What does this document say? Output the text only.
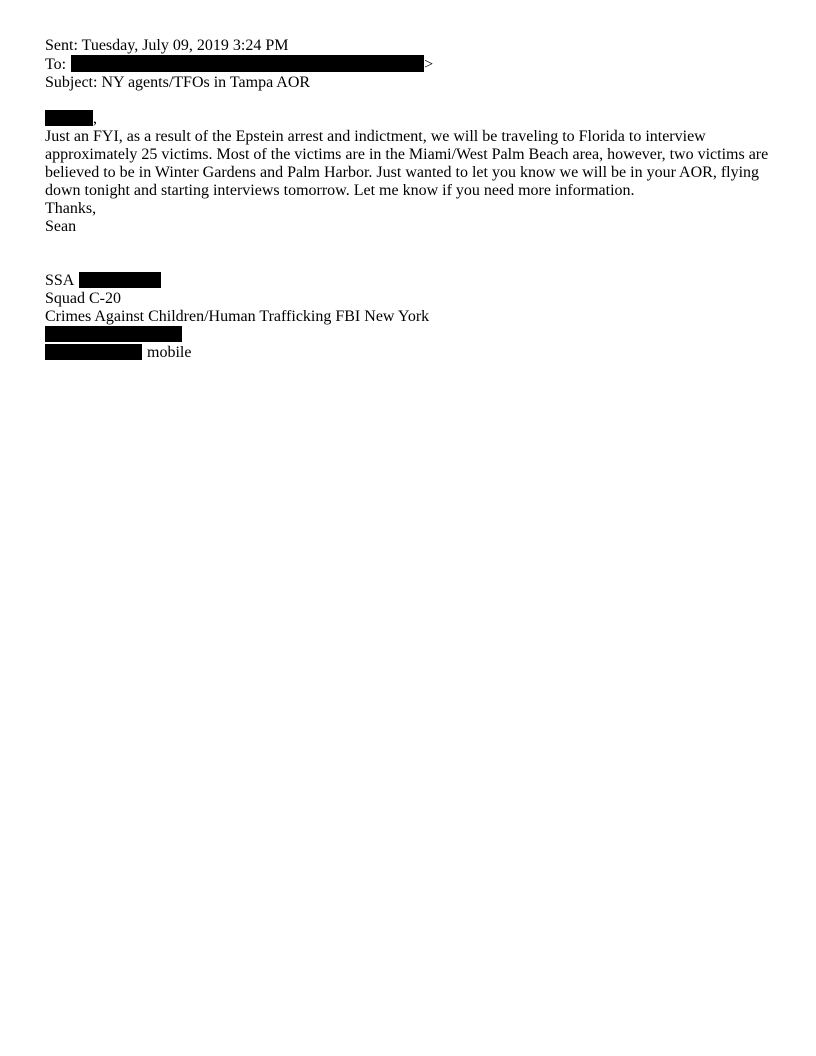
Sent: Tuesday, July 09, 2019 3:24 PM
To:	>
Subject: NY agents/TFOs in Tampa AOR
,
Just an FYI, as a result of the Epstein arrest and indictment, we will be traveling to Florida to interview approximately 25 victims. Most of the victims are in the Miami/West Palm Beach area, however, two victims are believed to be in Winter Gardens and Palm Harbor. Just wanted to let you know we will be in your AOR, flying down tonight and starting interviews tomorrow. Let me know if you need more information.
Thanks,
Sean
SSA
Squad C-20
Crimes Against Children/Human Trafficking FBI New York
mobile
